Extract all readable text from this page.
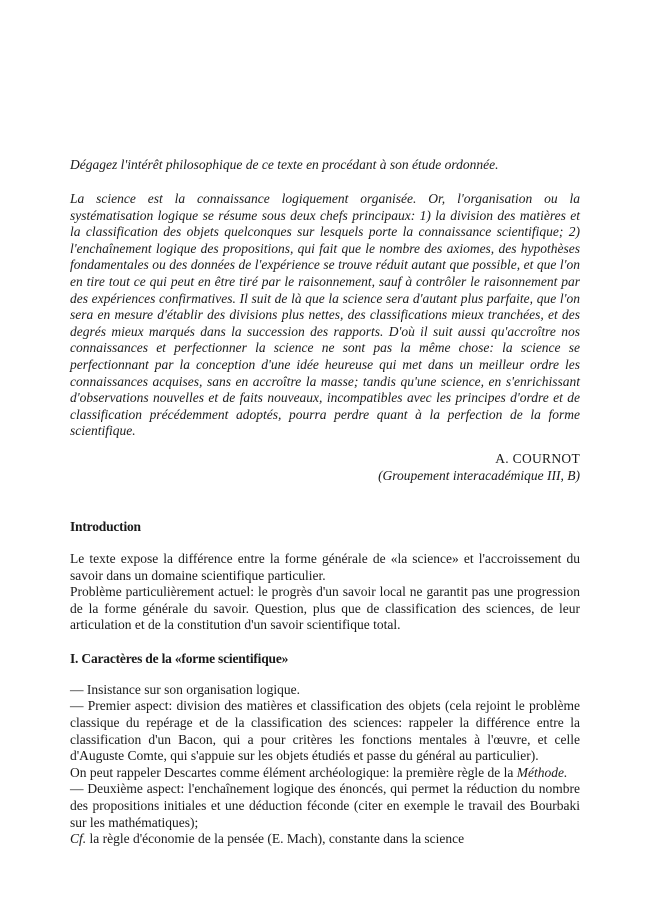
Dégagez l'intérêt philosophique de ce texte en procédant à son étude ordonnée.

La science est la connaissance logiquement organisée. Or, l'organisation ou la systématisation logique se résume sous deux chefs principaux: 1) la division des matières et la classification des objets quelconques sur lesquels porte la connaissance scientifique; 2) l'enchaînement logique des propositions, qui fait que le nombre des axiomes, des hypothèses fondamentales ou des données de l'expérience se trouve réduit autant que possible, et que l'on en tire tout ce qui peut en être tiré par le raisonnement, sauf à contrôler le raisonnement par des expériences confirmatives. Il suit de là que la science sera d'autant plus parfaite, que l'on sera en mesure d'établir des divisions plus nettes, des classifications mieux tranchées, et des degrés mieux marqués dans la succession des rapports. D'où il suit aussi qu'accroître nos connaissances et perfectionner la science ne sont pas la même chose: la science se perfectionnant par la conception d'une idée heureuse qui met dans un meilleur ordre les connaissances acquises, sans en accroître la masse; tandis qu'une science, en s'enrichissant d'observations nouvelles et de faits nouveaux, incompatibles avec les principes d'ordre et de classification précédemment adoptés, pourra perdre quant à la perfection de la forme scientifique.

A. COURNOT
(Groupement interacadémique III, B)
Introduction

Le texte expose la différence entre la forme générale de «la science» et l'accroissement du savoir dans un domaine scientifique particulier.

Problème particulièrement actuel: le progrès d'un savoir local ne garantit pas une progression de la forme générale du savoir. Question, plus que de classification des sciences, de leur articulation et de la constitution d'un savoir scientifique total.

I. Caractères de la «forme scientifique»

— Insistance sur son organisation logique.

— Premier aspect: division des matières et classification des objets (cela rejoint le problème classique du repérage et de la classification des sciences: rappeler la différence entre la classification d'un Bacon, qui a pour critères les fonctions mentales à l'œuvre, et celle d'Auguste Comte, qui s'appuie sur les objets étudiés et passe du général au particulier).

On peut rappeler Descartes comme élément archéologique: la première règle de la Méthode.

— Deuxième aspect: l'enchaînement logique des énoncés, qui permet la réduction du nombre des propositions initiales et une déduction féconde (citer en exemple le travail des Bourbaki sur les mathématiques);

Cf. la règle d'économie de la pensée (E. Mach), constante dans la science
